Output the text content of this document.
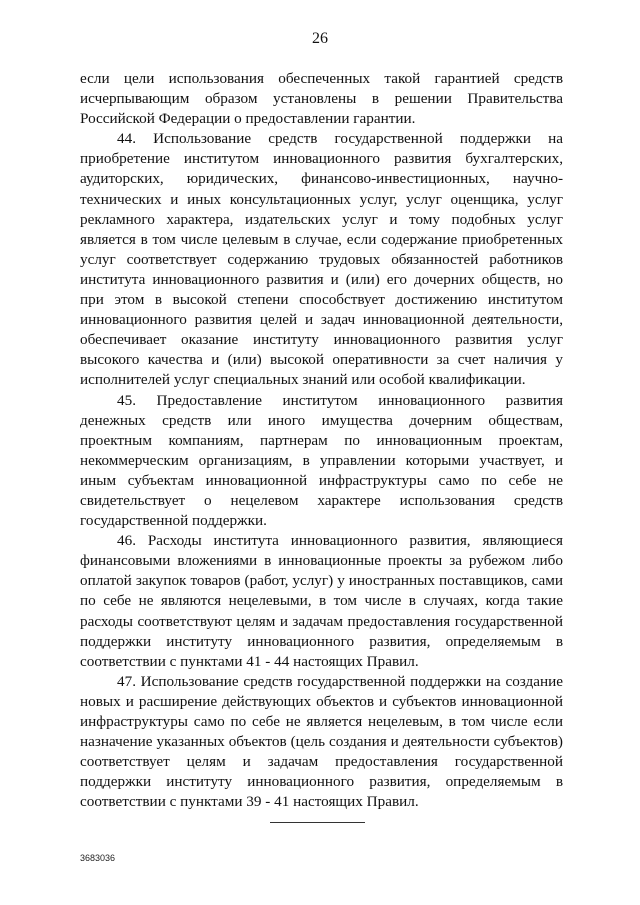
26

если цели использования обеспеченных такой гарантией средств исчерпывающим образом установлены в решении Правительства Российской Федерации о предоставлении гарантии.

44. Использование средств государственной поддержки на приобретение институтом инновационного развития бухгалтерских, аудиторских, юридических, финансово-инвестиционных, научно-технических и иных консультационных услуг, услуг оценщика, услуг рекламного характера, издательских услуг и тому подобных услуг является в том числе целевым в случае, если содержание приобретенных услуг соответствует содержанию трудовых обязанностей работников института инновационного развития и (или) его дочерних обществ, но при этом в высокой степени способствует достижению институтом инновационного развития целей и задач инновационной деятельности, обеспечивает оказание институту инновационного развития услуг высокого качества и (или) высокой оперативности за счет наличия у исполнителей услуг специальных знаний или особой квалификации.

45. Предоставление институтом инновационного развития денежных средств или иного имущества дочерним обществам, проектным компаниям, партнерам по инновационным проектам, некоммерческим организациям, в управлении которыми участвует, и иным субъектам инновационной инфраструктуры само по себе не свидетельствует о нецелевом характере использования средств государственной поддержки.

46. Расходы института инновационного развития, являющиеся финансовыми вложениями в инновационные проекты за рубежом либо оплатой закупок товаров (работ, услуг) у иностранных поставщиков, сами по себе не являются нецелевыми, в том числе в случаях, когда такие расходы соответствуют целям и задачам предоставления государственной поддержки институту инновационного развития, определяемым в соответствии с пунктами 41 - 44 настоящих Правил.

47. Использование средств государственной поддержки на создание новых и расширение действующих объектов и субъектов инновационной инфраструктуры само по себе не является нецелевым, в том числе если назначение указанных объектов (цель создания и деятельности субъектов) соответствует целям и задачам предоставления государственной поддержки институту инновационного развития, определяемым в соответствии с пунктами 39 - 41 настоящих Правил.

3683036
